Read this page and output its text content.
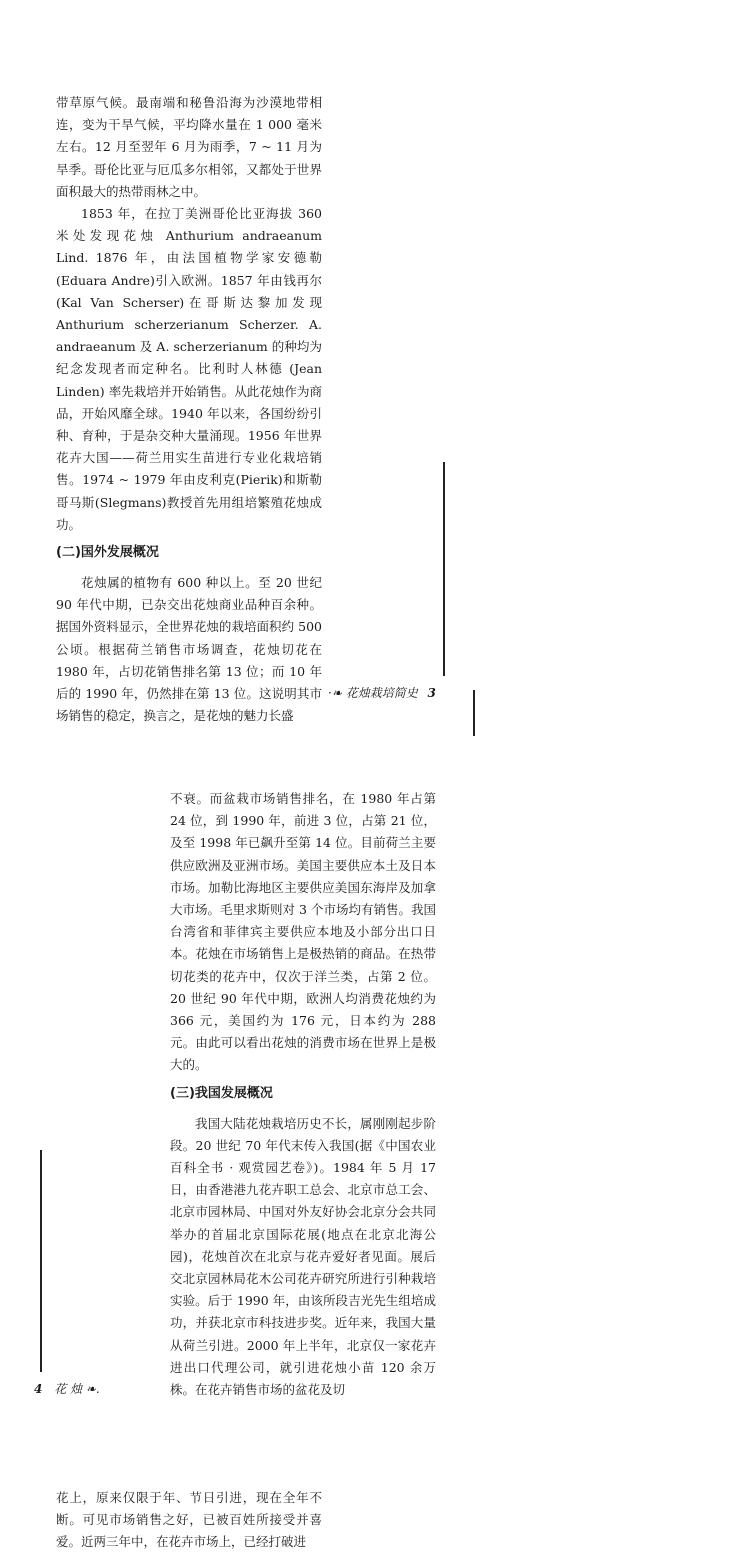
带草原气候。最南端和秘鲁沿海为沙漠地带相连，变为干旱气候，平均降水量在 1 000 毫米左右。12 月至翌年 6 月为雨季，7 ~ 11 月为旱季。哥伦比亚与厄瓜多尔相邻，又都处于世界面积最大的热带雨林之中。

1853 年，在拉丁美洲哥伦比亚海拔 360 米处发现花烛 Anthurium andraeanum Lind. 1876 年，由法国植物学家安德勒(Eduara Andre)引入欧洲。1857 年由钱再尔(Kal Van Scherser)在哥斯达黎加发现 Anthurium scherzerianum Scherzer. A. andraeanum 及 A. scherzerianum 的种均为纪念发现者而定种名。比利时人林德 (Jean Linden) 率先栽培并开始销售。从此花烛作为商品，开始风靡全球。1940 年以来，各国纷纷引种、育种，于是杂交种大量涌现。1956 年世界花卉大国——荷兰用实生苗进行专业化栽培销售。1974 ~ 1979 年由皮利克(Pierik)和斯勒哥马斯(Slegmans)教授首先用组培繁殖花烛成功。

(二)国外发展概况

花烛属的植物有 600 种以上。至 20 世纪 90 年代中期，已杂交出花烛商业品种百余种。据国外资料显示，全世界花烛的栽培面积约 500 公顷。根据荷兰销售市场调查，花烛切花在1980 年，占切花销售排名第 13 位；而 10 年后的 1990 年，仍然排在第 13 位。这说明其市场销售的稳定，换言之，是花烛的魅力长盛

·❧ 花烛栽培简史 3

不衰。而盆栽市场销售排名，在 1980 年占第24 位，到 1990 年，前进 3 位，占第 21 位，及至 1998 年已飙升至第 14 位。目前荷兰主要供应欧洲及亚洲市场。美国主要供应本土及日本市场。加勒比海地区主要供应美国东海岸及加拿大市场。毛里求斯则对 3 个市场均有销售。我国台湾省和菲律宾主要供应本地及小部分出口日本。花烛在市场销售上是极热销的商品。在热带切花类的花卉中，仅次于洋兰类，占第 2 位。20 世纪 90 年代中期，欧洲人均消费花烛约为 366 元，美国约为 176 元，日本约为 288 元。由此可以看出花烛的消费市场在世界上是极大的。

(三)我国发展概况

我国大陆花烛栽培历史不长，属刚刚起步阶段。20 世纪 70 年代末传入我国(据《中国农业百科全书 · 观赏园艺卷》)。1984 年 5 月 17 日，由香港港九花卉职工总会、北京市总工会、北京市园林局、中国对外友好协会北京分会共同举办的首届北京国际花展(地点在北京北海公园)，花烛首次在北京与花卉爱好者见面。展后交北京园林局花木公司花卉研究所进行引种栽培实验。后于 1990 年，由该所段吉光先生组培成功，并获北京市科技进步奖。近年来，我国大量从荷兰引进。2000 年上半年，北京仅一家花卉进出口代理公司，就引进花烛小苗 120 余万株。在花卉销售市场的盆花及切

4 花 烛 ❧.

花上，原来仅限于年、节日引进，现在全年不断。可见市场销售之好，已被百姓所接受并喜爱。近两三年中，在花卉市场上，已经打破进
